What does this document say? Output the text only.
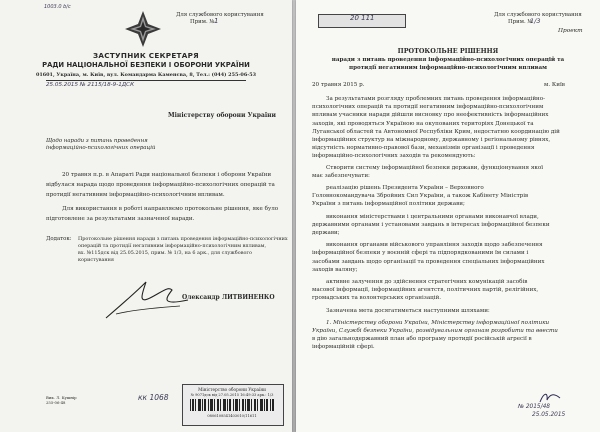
1003.0 b/c
Для службового користування
Прим. № 1
ЗАСТУПНИК СЕКРЕТАРЯ
РАДИ НАЦІОНАЛЬНОЇ БЕЗПЕКИ І ОБОРОНИ УКРАЇНИ
01601, Україна, м. Київ, вул. Командарма Каменєва, 8, Тел.: (044) 255-06-53
25.05.2015 № 2115/18-9-1ДСК
Міністерству оборони України
Щодо наради з питань проведення
інформаційно-психологічних операцій
20 травня п.р. в Апараті Ради національної безпеки і оборони України
відбулася нарада щодо проведення інформаційно-психологічних операцій та
протидії негативним інформаційно-психологічним впливам.
Для використання в роботі направляємо протокольне рішення, яке було
підготовлене за результатами зазначеної наради.
Додаток: Протокольне рішення наради з питань проведення інформаційно-психологічних
операцій та протидії негативним інформаційно-психологічним впливам,
вх. №115дск від 25.05.2015, прим. № 1/3, на 6 арк., для службового
користування
Олександр ЛИТВИНЕНКО
Вик. Л. Кушнір
255-06-48
кк 1068
Міністерство оборони України
№ 9071дск від 27.05.2015 16:49:33 арк.: 1/3
0806108541403010/11611
20 111	Для службового користування
Прим. №
1/3
Проект
ПРОТОКОЛЬНЕ РІШЕННЯ
наради з питань проведення інформаційно-психологічних операцій та
протидії негативним інформаційно-психологічним впливам
20 травня 2015 р.	м. Київ
За результатами розгляду проблемних питань проведення інформаційно-
психологічних операцій та протидії негативним інформаційно-психологічним
впливам учасники наради дійшли висновку про неефективність інформаційних
заходів, які проводяться Україною на окупованих територіях Донецької та
Луганської областей та Автономної Республіки Крим, недостатню координацію дій
інформаційних структур на міжнародному, державному і регіональному рівнях,
відсутність нормативно-правової бази, механізмів організації і проведення
інформаційно-психологічних заходів та рекомендують:
Створити систему інформаційної безпеки держави, функціонування якої
має забезпечувати:
реалізацію рішень Президента України – Верховного
Головнокомандувача Збройних Сил України, а також Кабінету Міністрів
України з питань інформаційної політики держави;
виконання міністерствами і центральними органами виконавчої влади,
державними органами і установами завдань в інтересах інформаційної безпеки
держави;
виконання органами військового управління заходів щодо забезпечення
інформаційної безпеки у воєнній сфері та підпорядкованими їм силами і
засобами завдань щодо організації та проведення спеціальних інформаційних
заходів валяну;
активне залучення до здійснення стратегічних комунікацій засобів
масової інформації, інформаційних агентств, політичних партій, релігійних,
громадських та волонтерських організацій.
Зазначена мета досягатиметься наступними шляхами:
1. Міністерству оборони України, Міністерству інформаційної політики
України, Службі безпеки України, розвідувальним органам розробити та ввести
в дію загальнодержавний план або програму протидії російській агресії в
інформаційній сфері.
№ 2015/48
25.05.2015
